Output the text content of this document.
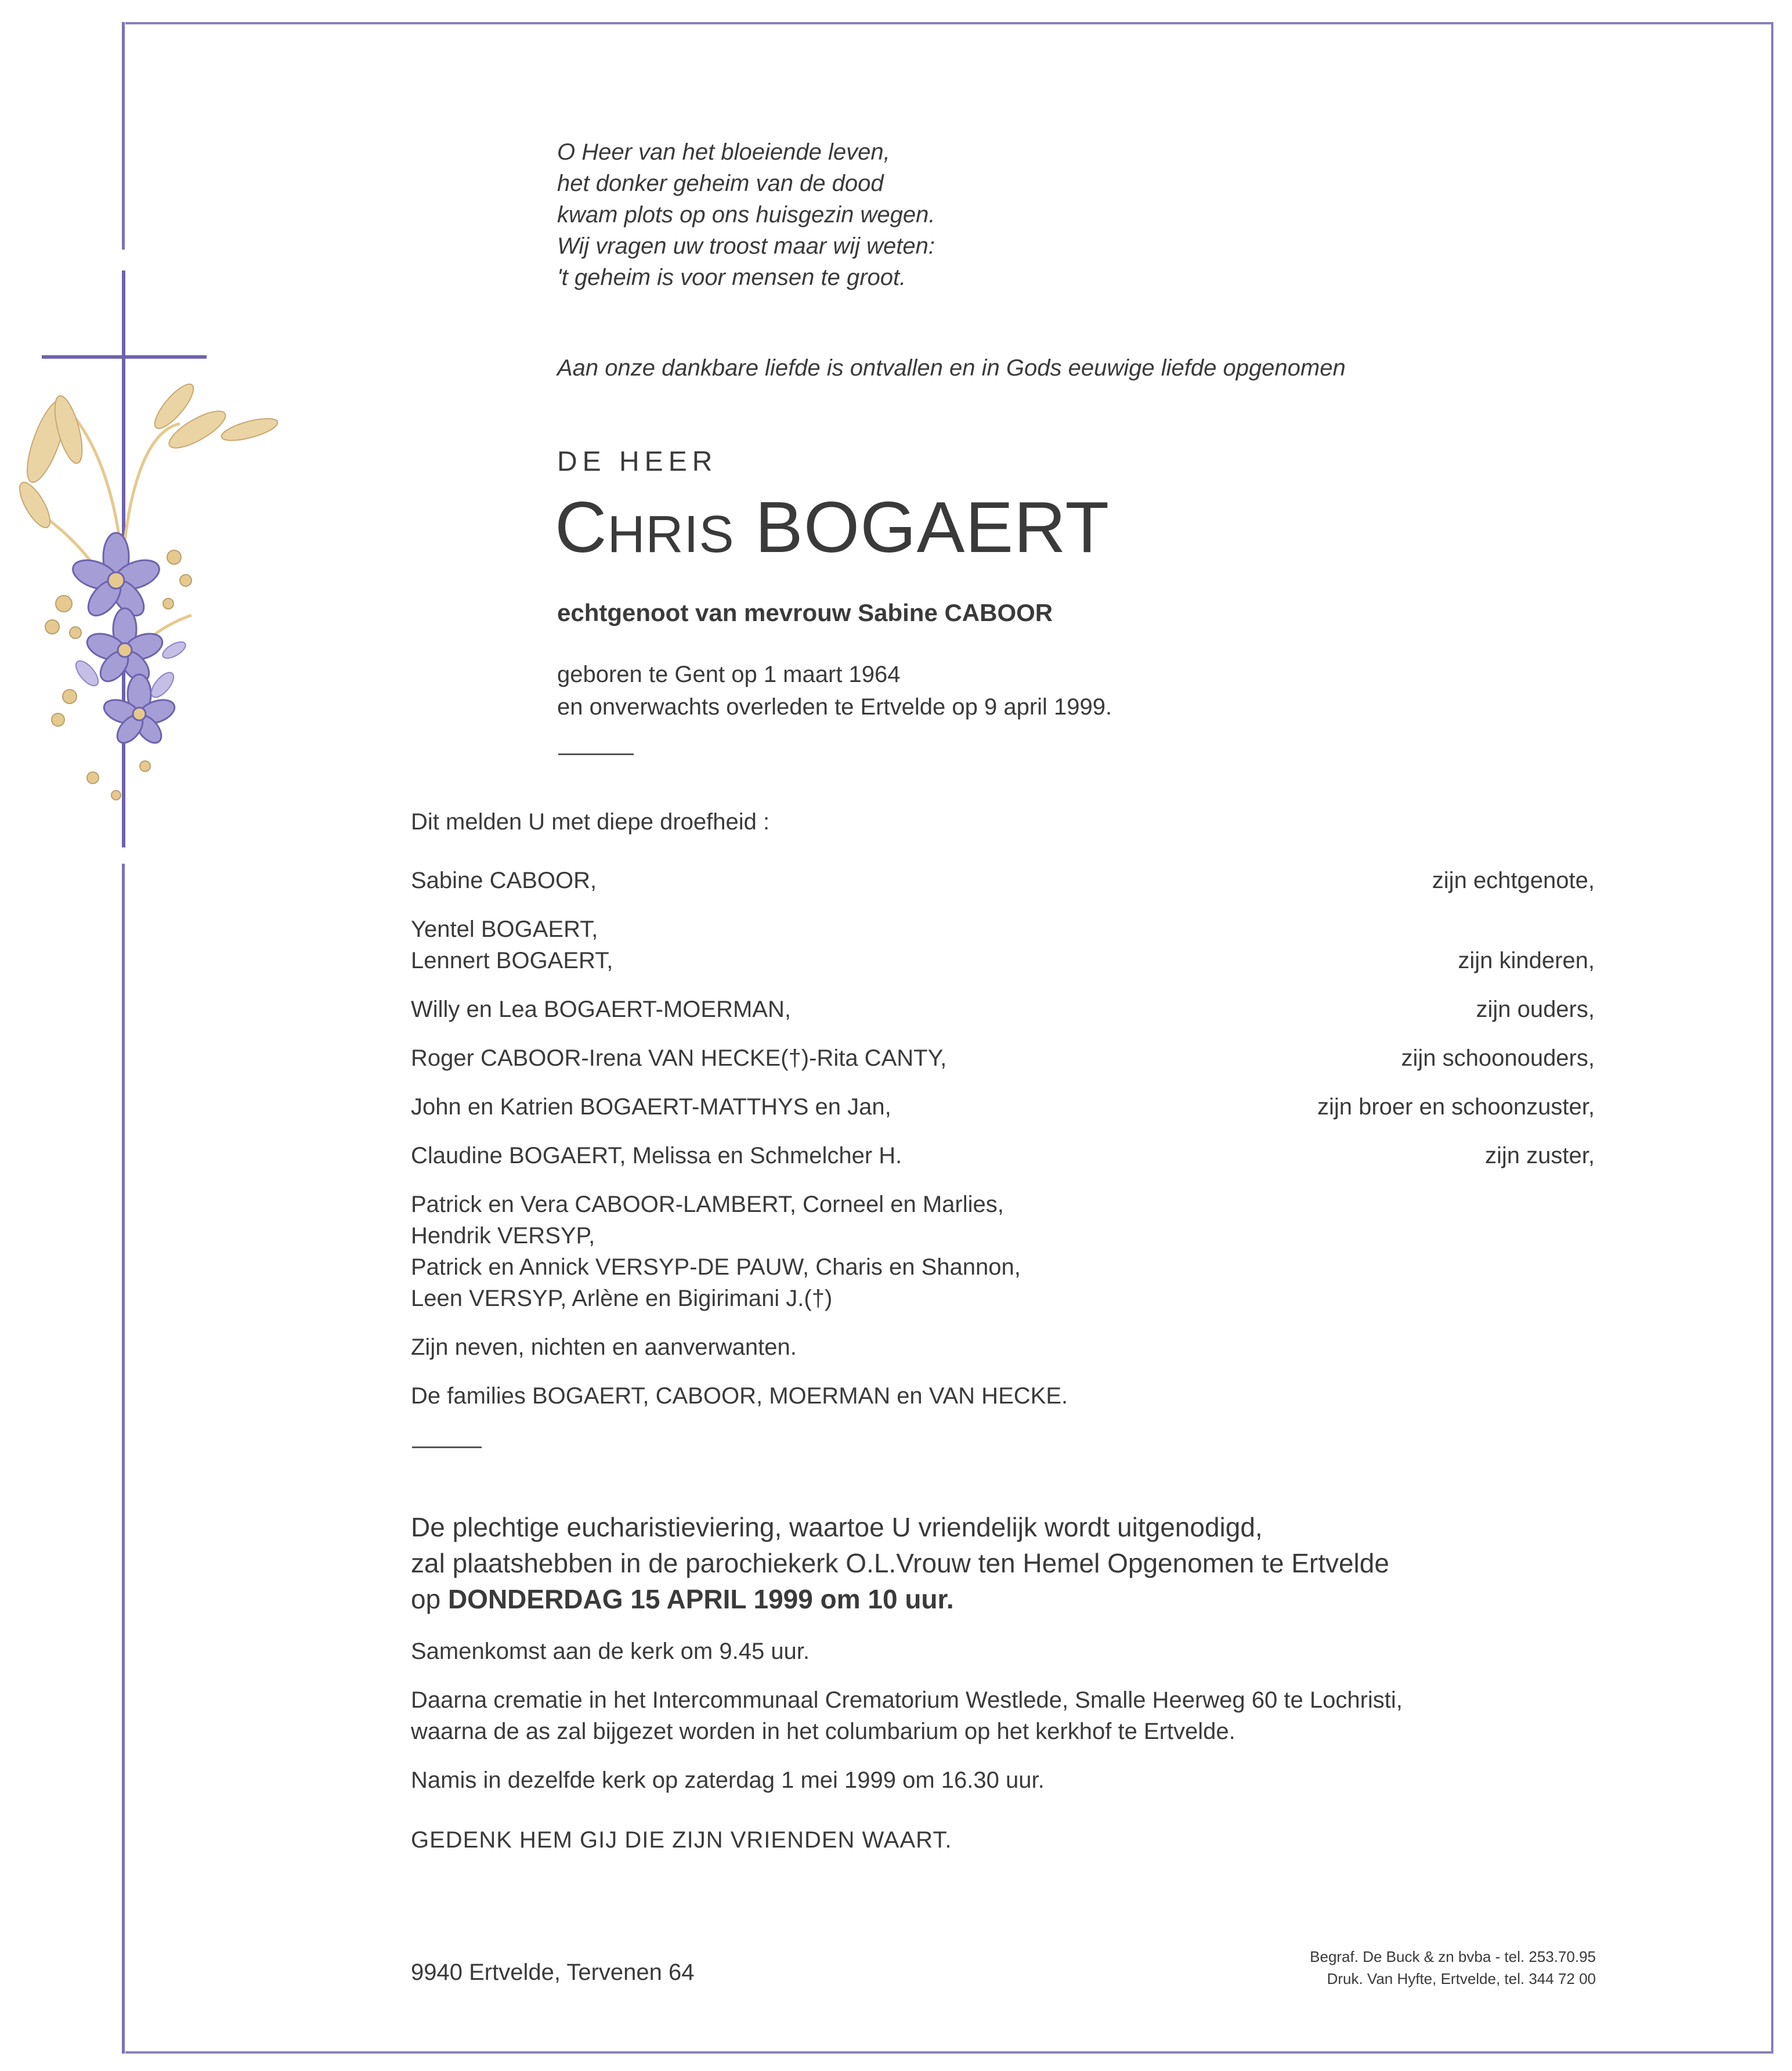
O Heer van het bloeiende leven,
het donker geheim van de dood
kwam plots op ons huisgezin wegen.
Wij vragen uw troost maar wij weten:
't geheim is voor mensen te groot.
Aan onze dankbare liefde is ontvallen en in Gods eeuwige liefde opgenomen
DE HEER
CHRIS BOGAERT
echtgenoot van mevrouw Sabine CABOOR
geboren te Gent op 1 maart 1964
en onverwachts overleden te Ertvelde op 9 april 1999.
Dit melden U met diepe droefheid :
Sabine CABOOR,	zijn echtgenote,
Yentel BOGAERT,
Lennert BOGAERT,	zijn kinderen,
Willy en Lea BOGAERT-MOERMAN,	zijn ouders,
Roger CABOOR-Irena VAN HECKE(†)-Rita CANTY,	zijn schoonouders,
John en Katrien BOGAERT-MATTHYS en Jan,	zijn broer en schoonzuster,
Claudine BOGAERT, Melissa en Schmelcher H.	zijn zuster,
Patrick en Vera CABOOR-LAMBERT, Corneel en Marlies,
Hendrik VERSYP,
Patrick en Annick VERSYP-DE PAUW, Charis en Shannon,
Leen VERSYP, Arlène en Bigirimani J.(†)
Zijn neven, nichten en aanverwanten.
De families BOGAERT, CABOOR, MOERMAN en VAN HECKE.
De plechtige eucharistieviering, waartoe U vriendelijk wordt uitgenodigd,
zal plaatshebben in de parochiekerk O.L.Vrouw ten Hemel Opgenomen te Ertvelde
op DONDERDAG 15 APRIL 1999 om 10 uur.

Samenkomst aan de kerk om 9.45 uur.

Daarna crematie in het Intercommunaal Crematorium Westlede, Smalle Heerweg 60 te Lochristi,
waarna de as zal bijgezet worden in het columbarium op het kerkhof te Ertvelde.

Namis in dezelfde kerk op zaterdag 1 mei 1999 om 16.30 uur.

GEDENK HEM GIJ DIE ZIJN VRIENDEN WAART.
9940 Ertvelde, Tervenen 64
Begraf. De Buck & zn bvba - tel. 253.70.95
Druk. Van Hyfte, Ertvelde, tel. 344 72 00
